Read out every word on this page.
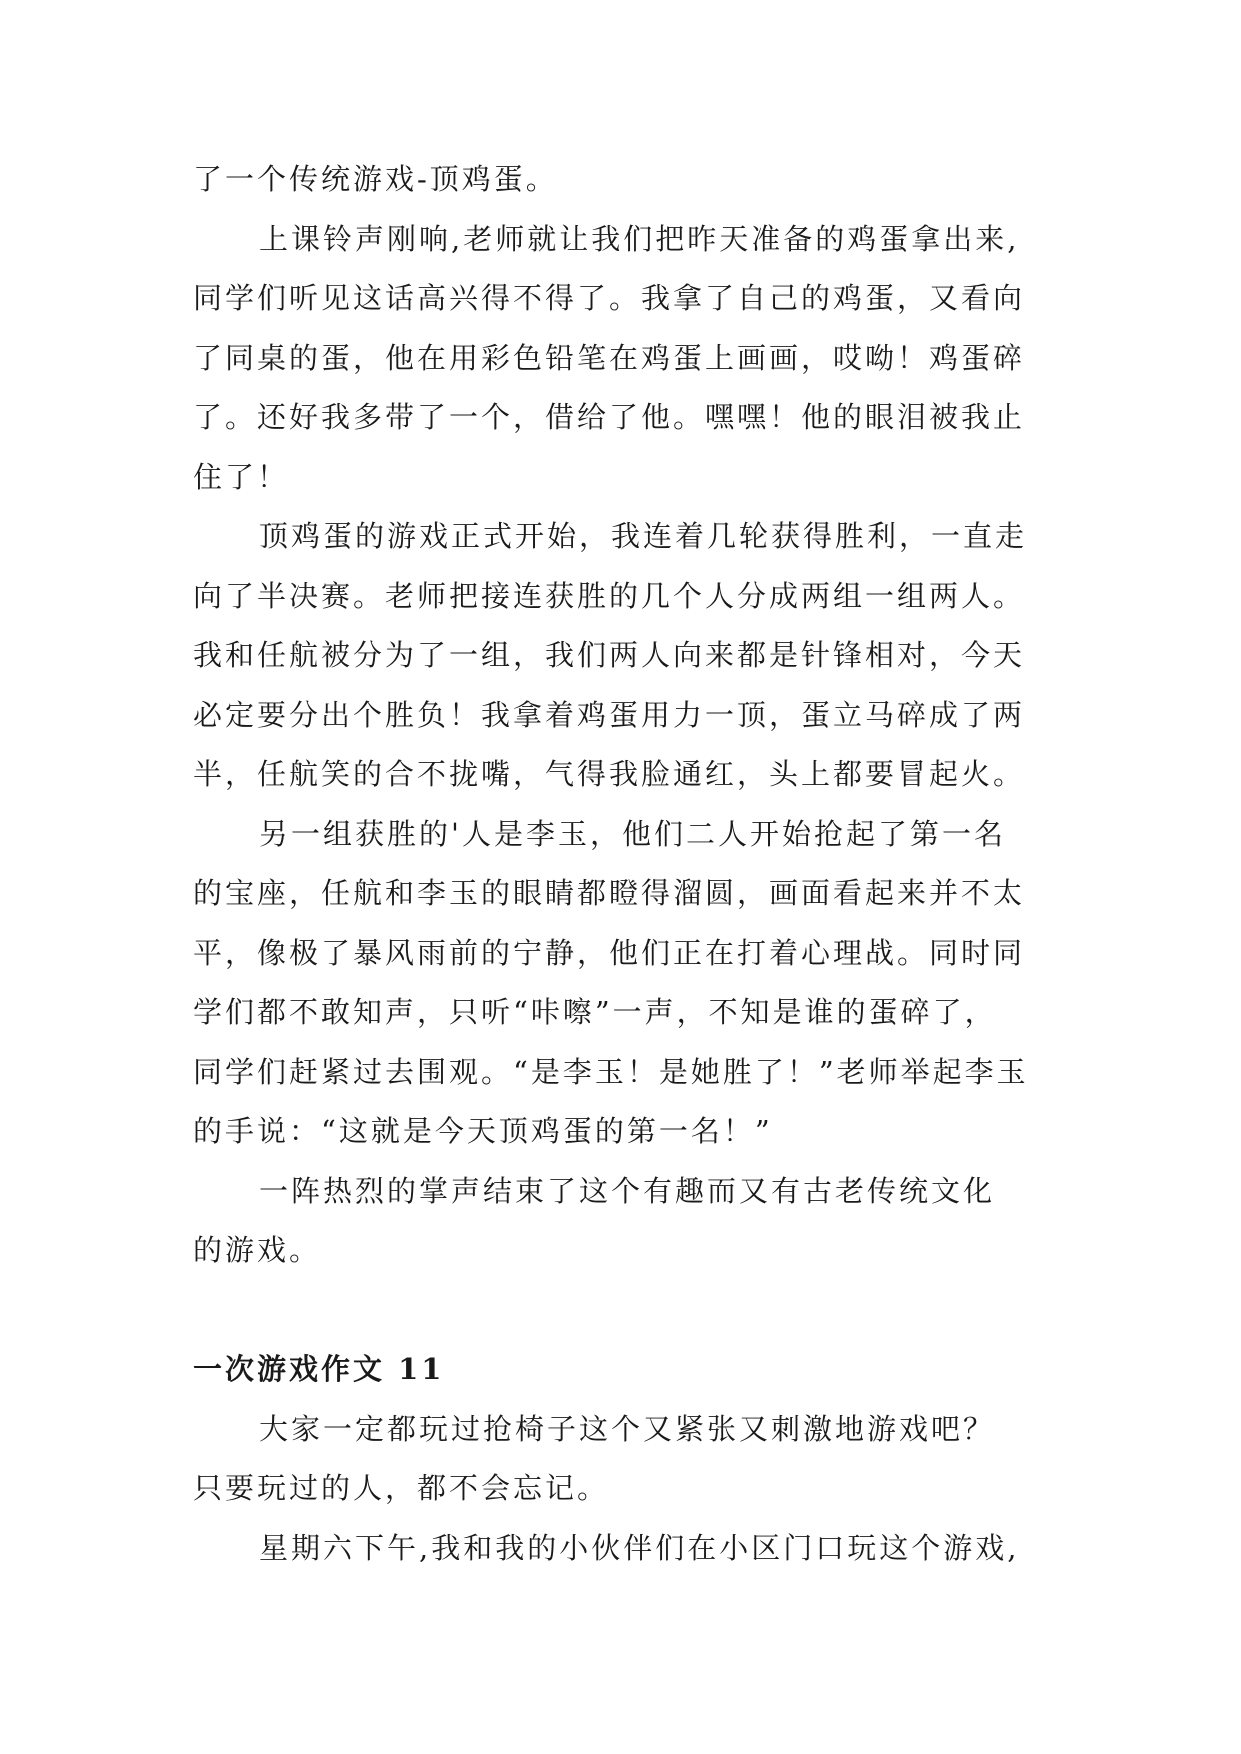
了一个传统游戏-顶鸡蛋。

上课铃声刚响,老师就让我们把昨天准备的鸡蛋拿出来,
同学们听见这话高兴得不得了。我拿了自己的鸡蛋，又看向
了同桌的蛋，他在用彩色铅笔在鸡蛋上画画，哎呦！鸡蛋碎
了。还好我多带了一个，借给了他。嘿嘿！他的眼泪被我止
住了！

顶鸡蛋的游戏正式开始，我连着几轮获得胜利，一直走
向了半决赛。老师把接连获胜的几个人分成两组一组两人。
我和任航被分为了一组，我们两人向来都是针锋相对，今天
必定要分出个胜负！我拿着鸡蛋用力一顶，蛋立马碎成了两
半，任航笑的合不拢嘴，气得我脸通红，头上都要冒起火。

另一组获胜的'人是李玉，他们二人开始抢起了第一名
的宝座，任航和李玉的眼睛都瞪得溜圆，画面看起来并不太
平，像极了暴风雨前的宁静，他们正在打着心理战。同时同
学们都不敢知声，只听“咔嚓”一声，不知是谁的蛋碎了，
同学们赶紧过去围观。“是李玉！是她胜了！”老师举起李玉
的手说：“这就是今天顶鸡蛋的第一名！”

一阵热烈的掌声结束了这个有趣而又有古老传统文化
的游戏。

一次游戏作文 11

大家一定都玩过抢椅子这个又紧张又刺激地游戏吧？
只要玩过的人，都不会忘记。

星期六下午,我和我的小伙伴们在小区门口玩这个游戏,
